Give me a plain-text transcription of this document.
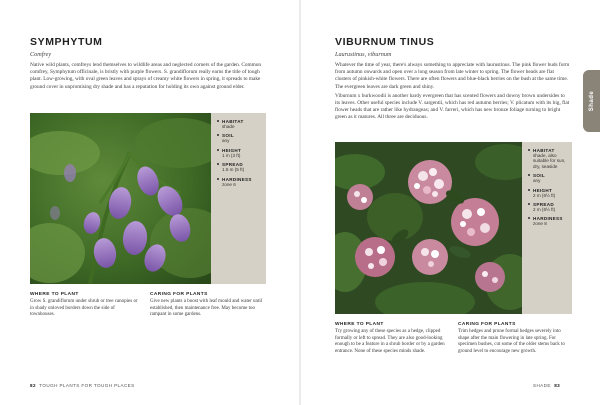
SYMPHYTUM
Comfrey

Native wild plants, comfreys lend themselves to wildlife areas and neglected corners of the garden. Common comfrey, Symphytum officinale, is bristly with purple flowers. S. grandiflorum really earns the title of tough plant. Low-growing, with oval green leaves and sprays of creamy white flowers in spring, it spreads to make ground cover in unpromising dry shade and has a reputation for holding its own against ground elder.

HABITAT
shade
SOIL
any
HEIGHT
1 m (3 ft)
SPREAD
1.5 m (5 ft)
HARDINESS
zone 6
WHERE TO PLANT
Grow S. grandiflorum under shrub or tree canopies or in shady unloved borders down the side of townhouses.
CARING FOR PLANTS
Give new plants a boost with leaf mould and water until established, then maintenance free. May become too rampant in some gardens.
82 TOUGH PLANTS FOR TOUGH PLACES
VIBURNUM TINUS
Laurustinus, viburnum

Whatever the time of year, there's always something to appreciate with laurustinus. The pink flower buds form from autumn onwards and open over a long season from late winter to spring. The flower heads are flat clusters of pinkish-white flowers. There are often flowers and blue-black berries on the bush at the same time. The evergreen leaves are dark green and shiny.

Viburnum x burkwoodii is another hardy evergreen that has scented flowers and downy brown undersides to its leaves. Other useful species include V. sargentii, which has red autumn berries; V. plicatum with its big, flat flower heads that are rather like hydrangeas; and V. farreri, which has new bronze foliage turning to bright green as it matures. All three are deciduous.

HABITAT
shade, also suitable for sun, dry, seaside
SOIL
any
HEIGHT
2 m (6½ ft)
SPREAD
2 m (6½ ft)
HARDINESS
zone 8
WHERE TO PLANT
Try growing any of these species as a hedge, clipped formally or left to spread. They are also good-looking enough to be a feature in a shrub border or by a garden entrance. None of these species minds shade.
CARING FOR PLANTS
Trim hedges and prune formal hedges severely into shape after the main flowering in late spring. For specimen bushes, cut some of the older stems back to ground level to encourage new growth.
SHADE 83
Shade
